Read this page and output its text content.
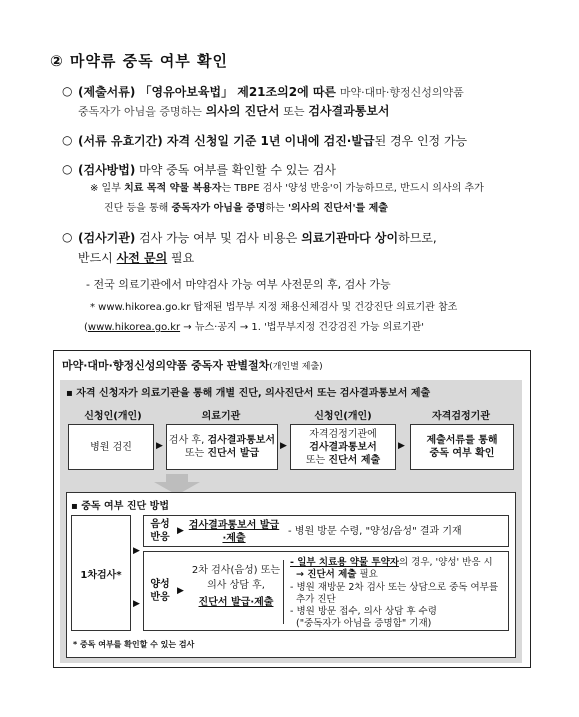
② 마약류 중독 여부 확인
○ (제출서류) 「영유아보육법」 제21조의2에 따른 마약·대마·향정신성의약품
중독자가 아님을 증명하는 의사의 진단서 또는 검사결과통보서
○ (서류 유효기간) 자격 신청일 기준 1년 이내에 검진·발급된 경우 인정 가능
○ (검사방법) 마약 중독 여부를 확인할 수 있는 검사
※ 일부 치료 목적 약물 복용자는 TBPE 검사 '양성 반응'이 가능하므로, 반드시 의사의 추가
진단 등을 통해 중독자가 아님을 증명하는 '의사의 진단서'를 제출
○ (검사기관) 검사 가능 여부 및 검사 비용은 의료기관마다 상이하므로,
반드시 사전 문의 필요
- 전국 의료기관에서 마약검사 가능 여부 사전문의 후, 검사 가능
* www.hikorea.go.kr 탑재된 법무부 지정 채용신체검사 및 건강진단 의료기관 참조
(www.hikorea.go.kr → 뉴스·공지 → 1. '법무부지정 건강검진 가능 의료기관'
마약·대마·향정신성의약품 중독자 판별절차(개인별 제출)
▪ 자격 신청자가 의료기관을 통해 개별 진단, 의사진단서 또는 검사결과통보서 제출
신청인(개인)	의료기관	신청인(개인)	자격검정기관
병원 검진	▶ 검사 후, 검사결과통보서
또는 진단서 발급
▶
자격검정기관에
검사결과통보서
또는 진단서 제출
▶	제출서류를 통해 중독 여부 확인
▪ 중독 여부 진단 방법
1차검사*
▶
▶
음성 반응
▶ 검사결과통보서 발급·제출
- 병원 방문 수령, "양성/음성" 결과 기재
양성 반응
▶
2차 검사(음성) 또는
의사 상담 후,
진단서 발급·제출
- 일부 치료용 약물 투약자의 경우, '양성' 반응 시
→ 진단서 제출 필요
- 병원 재방문 2차 검사 또는 상담으로 중독 여부를
추가 진단
- 병원 방문 접수, 의사 상담 후 수령
("중독자가 아님을 증명함" 기재)
* 중독 여부를 확인할 수 있는 검사
